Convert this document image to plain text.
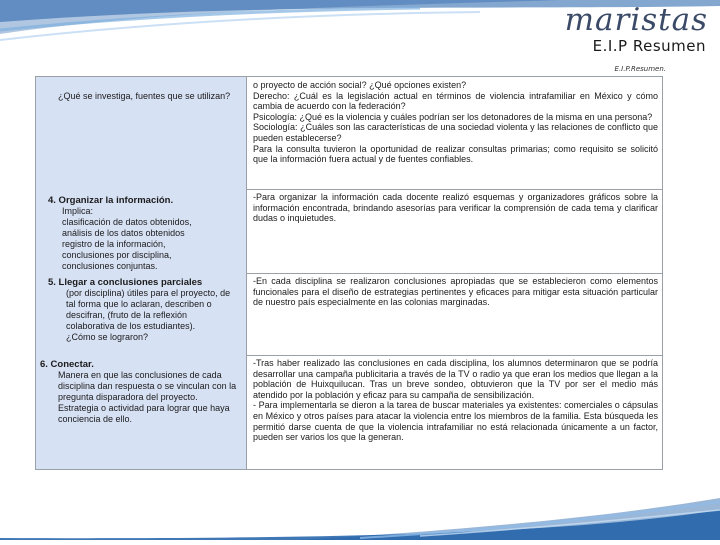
maristas
E.I.P Resumen
E.I.P.Resumen.

¿Qué se investiga, fuentes que se utilizan?

o proyecto de acción social? ¿Qué opciones existen?

Derecho: ¿Cuál es la legislación actual en términos de violencia intrafamiliar en México y cómo cambia de acuerdo con la federación?

Psicología: ¿Qué es la violencia y cuáles podrían ser los detonadores de la misma en una persona?

Sociología: ¿Cuáles son las características de una sociedad violenta y las relaciones de conflicto que pueden establecerse?

Para la consulta tuvieron la oportunidad de realizar consultas primarias; como requisito se solicitó que la información fuera actual y de fuentes confiables.

4. Organizar la información.

Implica:

clasificación de datos obtenidos,

análisis de los datos obtenidos

registro de la información,

conclusiones por disciplina,

conclusiones conjuntas.

-Para organizar la información cada docente realizó esquemas y organizadores gráficos sobre la información encontrada, brindando asesorías para verificar la comprensión de cada tema y clarificar dudas o inquietudes.

5. Llegar a conclusiones parciales

(por disciplina) útiles para el proyecto, de tal forma que lo aclaran, describen o descifran, (fruto de la reflexión colaborativa de los estudiantes).

¿Cómo se lograron?

-En cada disciplina se realizaron conclusiones apropiadas que se establecieron como elementos funcionales para el diseño de estrategias pertinentes y eficaces para mitigar esta situación particular de nuestro país especialmente en las colonias marginadas.

6. Conectar.

Manera en que las conclusiones de cada disciplina dan respuesta o se vinculan con la pregunta disparadora del proyecto.

Estrategia o actividad para lograr que haya conciencia de ello.

-Tras haber realizado las conclusiones en cada disciplina, los alumnos determinaron que se podría desarrollar una campaña publicitaria a través de la TV o radio ya que eran los medios que llegan a la población de Huixquilucan. Tras un breve sondeo, obtuvieron que la TV por ser el medio más atendido por la población y eficaz para su campaña de sensibilización.

- Para implementarla se dieron a la tarea de buscar materiales ya existentes: comerciales o cápsulas en México y otros países para atacar la violencia entre los miembros de la familia. Esta búsqueda les permitió darse cuenta de que la violencia intrafamiliar no está relacionada únicamente a un factor, pueden ser varios los que la generan.
